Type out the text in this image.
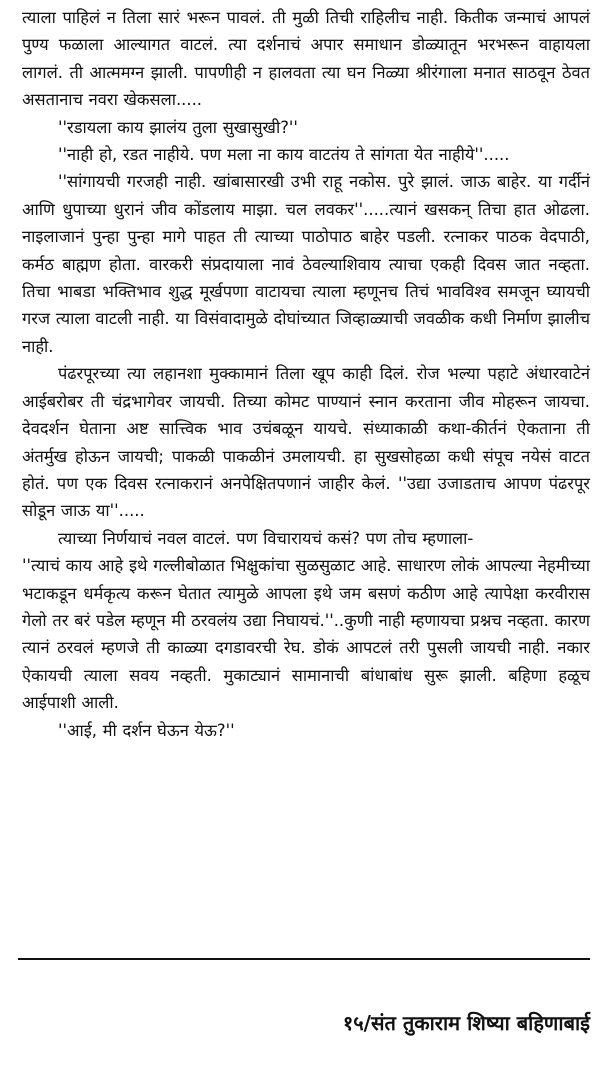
त्याला पाहिलं न तिला सारं भरून पावलं. ती मुळी तिची राहिलीच नाही. कितीक जन्माचं आपलं पुण्य फळाला आल्यागत वाटलं. त्या दर्शनाचं अपार समाधान डोळ्यातून भरभरून वाहायला लागलं. ती आत्ममग्न झाली. पापणीही न हालवता त्या घन निळ्या श्रीरंगाला मनात साठवून ठेवत असतानाच नवरा खेकसला.....

''रडायला काय झालंय तुला सुखासुखी?''

''नाही हो, रडत नाहीये. पण मला ना काय वाटतंय ते सांगता येत नाहीये''.....

''सांगायची गरजही नाही. खांबासारखी उभी राहू नकोस. पुरे झालं. जाऊ बाहेर. या गर्दीनं आणि धुपाच्या धुरानं जीव कोंडलाय माझा. चल लवकर''.....त्यानं खसकन् तिचा हात ओढला. नाइलाजानं पुन्हा पुन्हा मागे पाहत ती त्याच्या पाठोपाठ बाहेर पडली. रत्नाकर पाठक वेदपाठी, कर्मठ बाह्मण होता. वारकरी संप्रदायाला नावं ठेवल्याशिवाय त्याचा एकही दिवस जात नव्हता. तिचा भाबडा भक्तिभाव शुद्ध मूर्खपणा वाटायचा त्याला म्हणूनच तिचं भावविश्व समजून घ्यायची गरज त्याला वाटली नाही. या विसंवादामुळे दोघांच्यात जिव्हाळ्याची जवळीक कधी निर्माण झालीच नाही.

पंढरपूरच्या त्या लहानशा मुक्कामानं तिला खूप काही दिलं. रोज भल्या पहाटे अंधारवाटेनं आईबरोबर ती चंद्रभागेवर जायची. तिच्या कोमट पाण्यानं स्नान करताना जीव मोहरून जायचा. देवदर्शन घेताना अष्ट सात्त्विक भाव उचंबळून यायचे. संध्याकाळी कथा-कीर्तनं ऐकताना ती अंतर्मुख होऊन जायची; पाकळी पाकळीनं उमलायची. हा सुखसोहळा कधी संपूच नयेसं वाटत होतं. पण एक दिवस रत्नाकरानं अनपेक्षितपणानं जाहीर केलं. ''उद्या उजाडताच आपण पंढरपूर सोडून जाऊ या''.....

त्याच्या निर्णयाचं नवल वाटलं. पण विचारायचं कसं? पण तोच म्हणाला-

''त्याचं काय आहे इथे गल्लीबोळात भिक्षुकांचा सुळसुळाट आहे. साधारण लोकं आपल्या नेहमीच्या भटाकडून धर्मकृत्य करून घेतात त्यामुळे आपला इथे जम बसणं कठीण आहे त्यापेक्षा करवीरास गेलो तर बरं पडेल म्हणून मी ठरवलंय उद्या निघायचं.''..कुणी नाही म्हणायचा प्रश्नच नव्हता. कारण त्यानं ठरवलं म्हणजे ती काळ्या दगडावरची रेघ. डोकं आपटलं तरी पुसली जायची नाही. नकार ऐकायची त्याला सवय नव्हती. मुकाट्यानं सामानाची बांधाबांध सुरू झाली. बहिणा हळूच आईपाशी आली.

''आई, मी दर्शन घेऊन येऊ?''

१५/संत तुकाराम शिष्या बहिणाबाई
